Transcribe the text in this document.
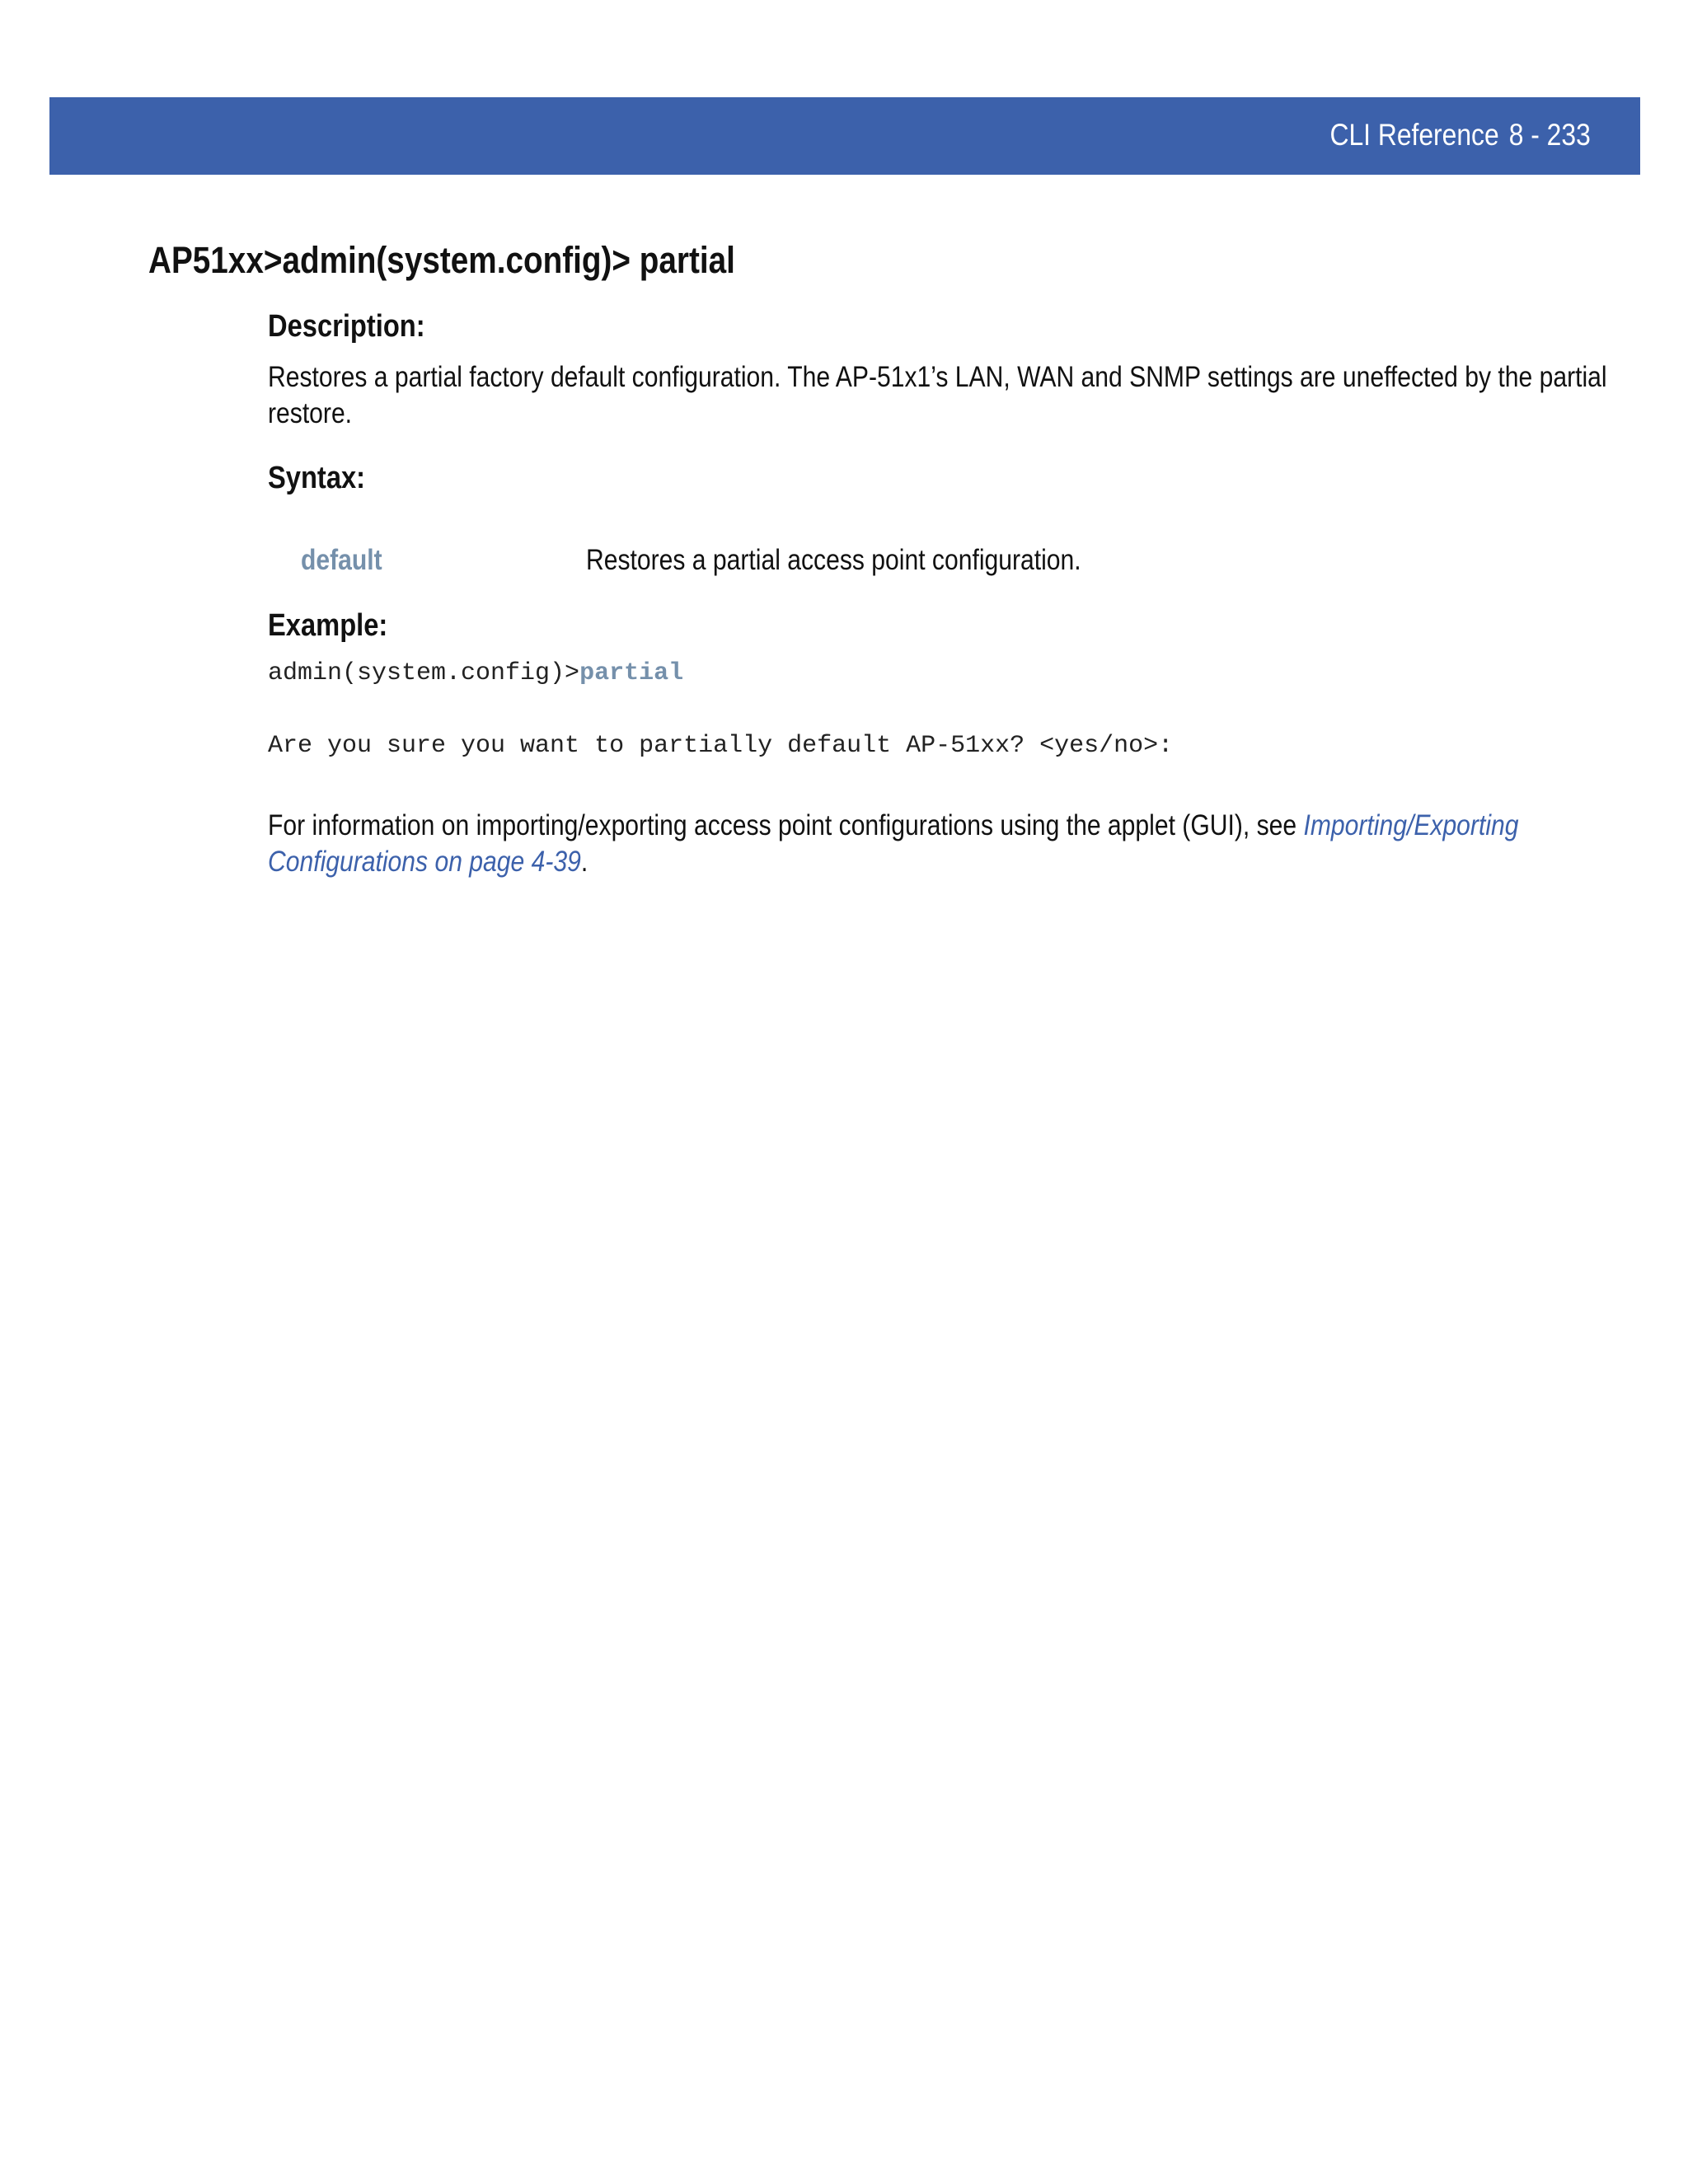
CLI Reference 8 - 233
AP51xx>admin(system.config)> partial
Description:
Restores a partial factory default configuration. The AP-51x1’s LAN, WAN and SNMP settings are uneffected by the partial
restore.
Syntax:
default	Restores a partial access point configuration.
Example:
admin(system.config)>partial
Are you sure you want to partially default AP-51xx? <yes/no>:
For information on importing/exporting access point configurations using the applet (GUI), see Importing/Exporting
Configurations on page 4-39.
